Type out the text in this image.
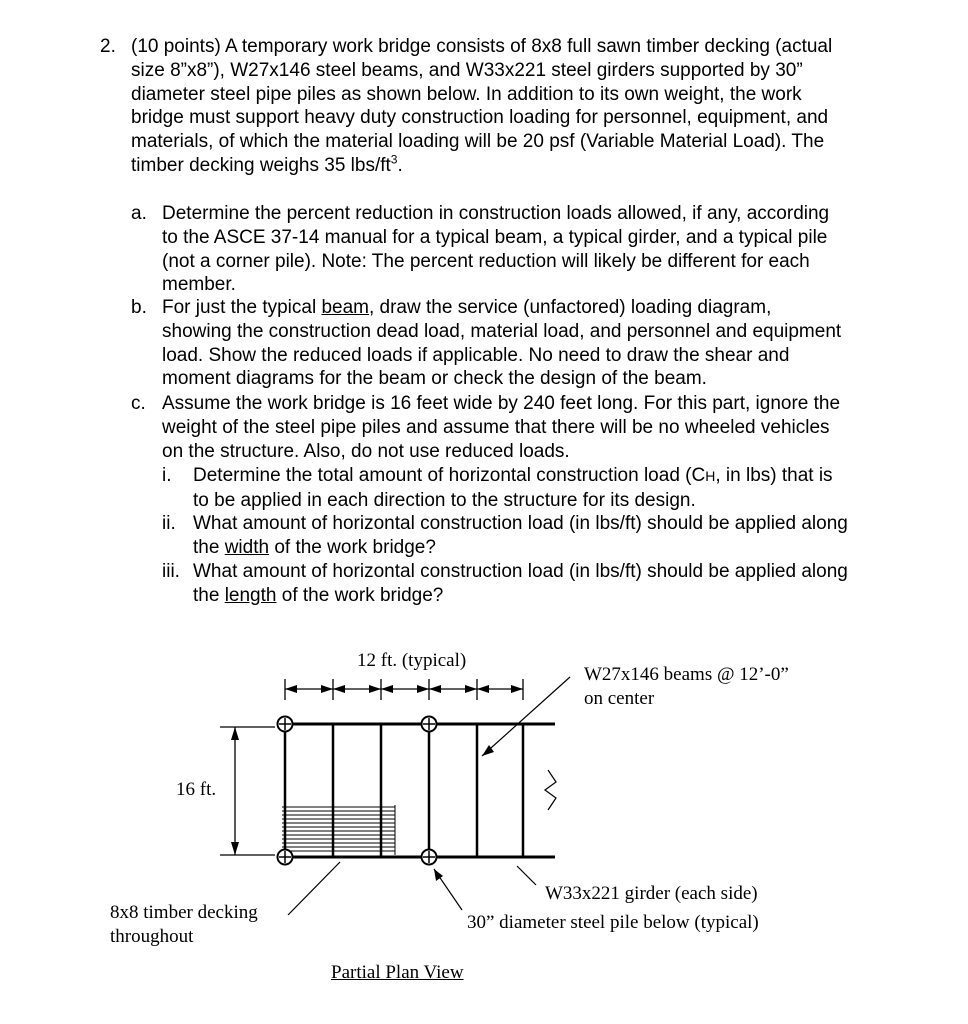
2. (10 points) A temporary work bridge consists of 8x8 full sawn timber decking (actual
size 8”x8”), W27x146 steel beams, and W33x221 steel girders supported by 30”
diameter steel pipe piles as shown below. In addition to its own weight, the work
bridge must support heavy duty construction loading for personnel, equipment, and
materials, of which the material loading will be 20 psf (Variable Material Load). The
timber decking weighs 35 lbs/$ft^3$.
a. Determine the percent reduction in construction loads allowed, if any, according
to the ASCE 37-14 manual for a typical beam, a typical girder, and a typical pile
(not a corner pile). Note: The percent reduction will likely be different for each
member.
b. For just the typical beam, draw the service (unfactored) loading diagram,
showing the construction dead load, material load, and personnel and equipment
load. Show the reduced loads if applicable. No need to draw the shear and
moment diagrams for the beam or check the design of the beam.
c. Assume the work bridge is 16 feet wide by 240 feet long. For this part, ignore the
weight of the steel pipe piles and assume that there will be no wheeled vehicles
on the structure. Also, do not use reduced loads.
i. Determine the total amount of horizontal construction load (CH, in lbs) that is
to be applied in each direction to the structure for its design.
ii. What amount of horizontal construction load (in lbs/ft) should be applied along
the width of the work bridge?
iii. What amount of horizontal construction load (in lbs/ft) should be applied along
the length of the work bridge?
12 ft. (typical)
W27x146 beams @ 12’-0”
on center
16 ft.
8x8 timber decking
throughout
W33x221 girder (each side)
30” diameter steel pile below (typical)
Partial Plan View
